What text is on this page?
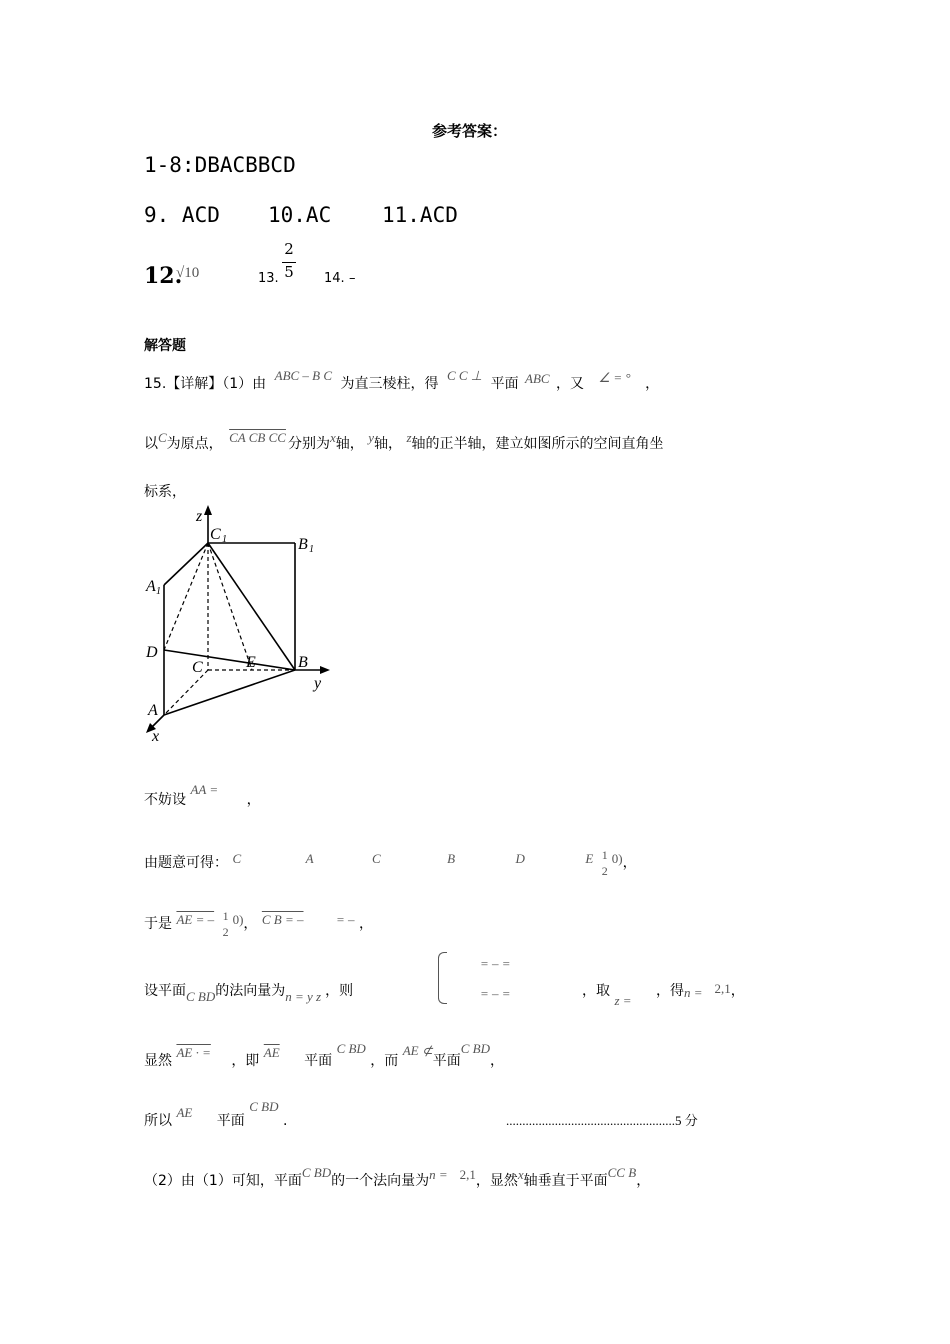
参考答案：
1-8:DBACBBCD
9. ACD 10.AC 11.ACD
12.
√10	13.
2
5 14. –
解答题
15.【详解】（1）由 ABC – B C 为直三棱柱，得 C C ⊥ 平面 ABC ，又 ∠ = ° ，
以C为原点， CA CB CC 分别为x轴， y轴， z轴的正半轴，建立如图所示的空间直角坐
标系，
z
C 1	B 1
A 1
D
C	E	B
y
A
x
不妨设 AA = ，
由题意可得： C	A	C	B	D	E 1
2
0)，
于是 AE = – 1
2
0)， C B = – = – ，
设平面C BD的法向量为n = y z ，则
= – =
= – =	，取 z = ，得n = 2,1，
显然 AE · = ，即 $\overline{AE}$ 平面 C BD ，而 AE ⊄平面C BD，
所以 AE 平面 C BD .	....................................................5 分
（2）由（1）可知，平面C BD的一个法向量为n = 2,1，显然x轴垂直于平面CC B，
